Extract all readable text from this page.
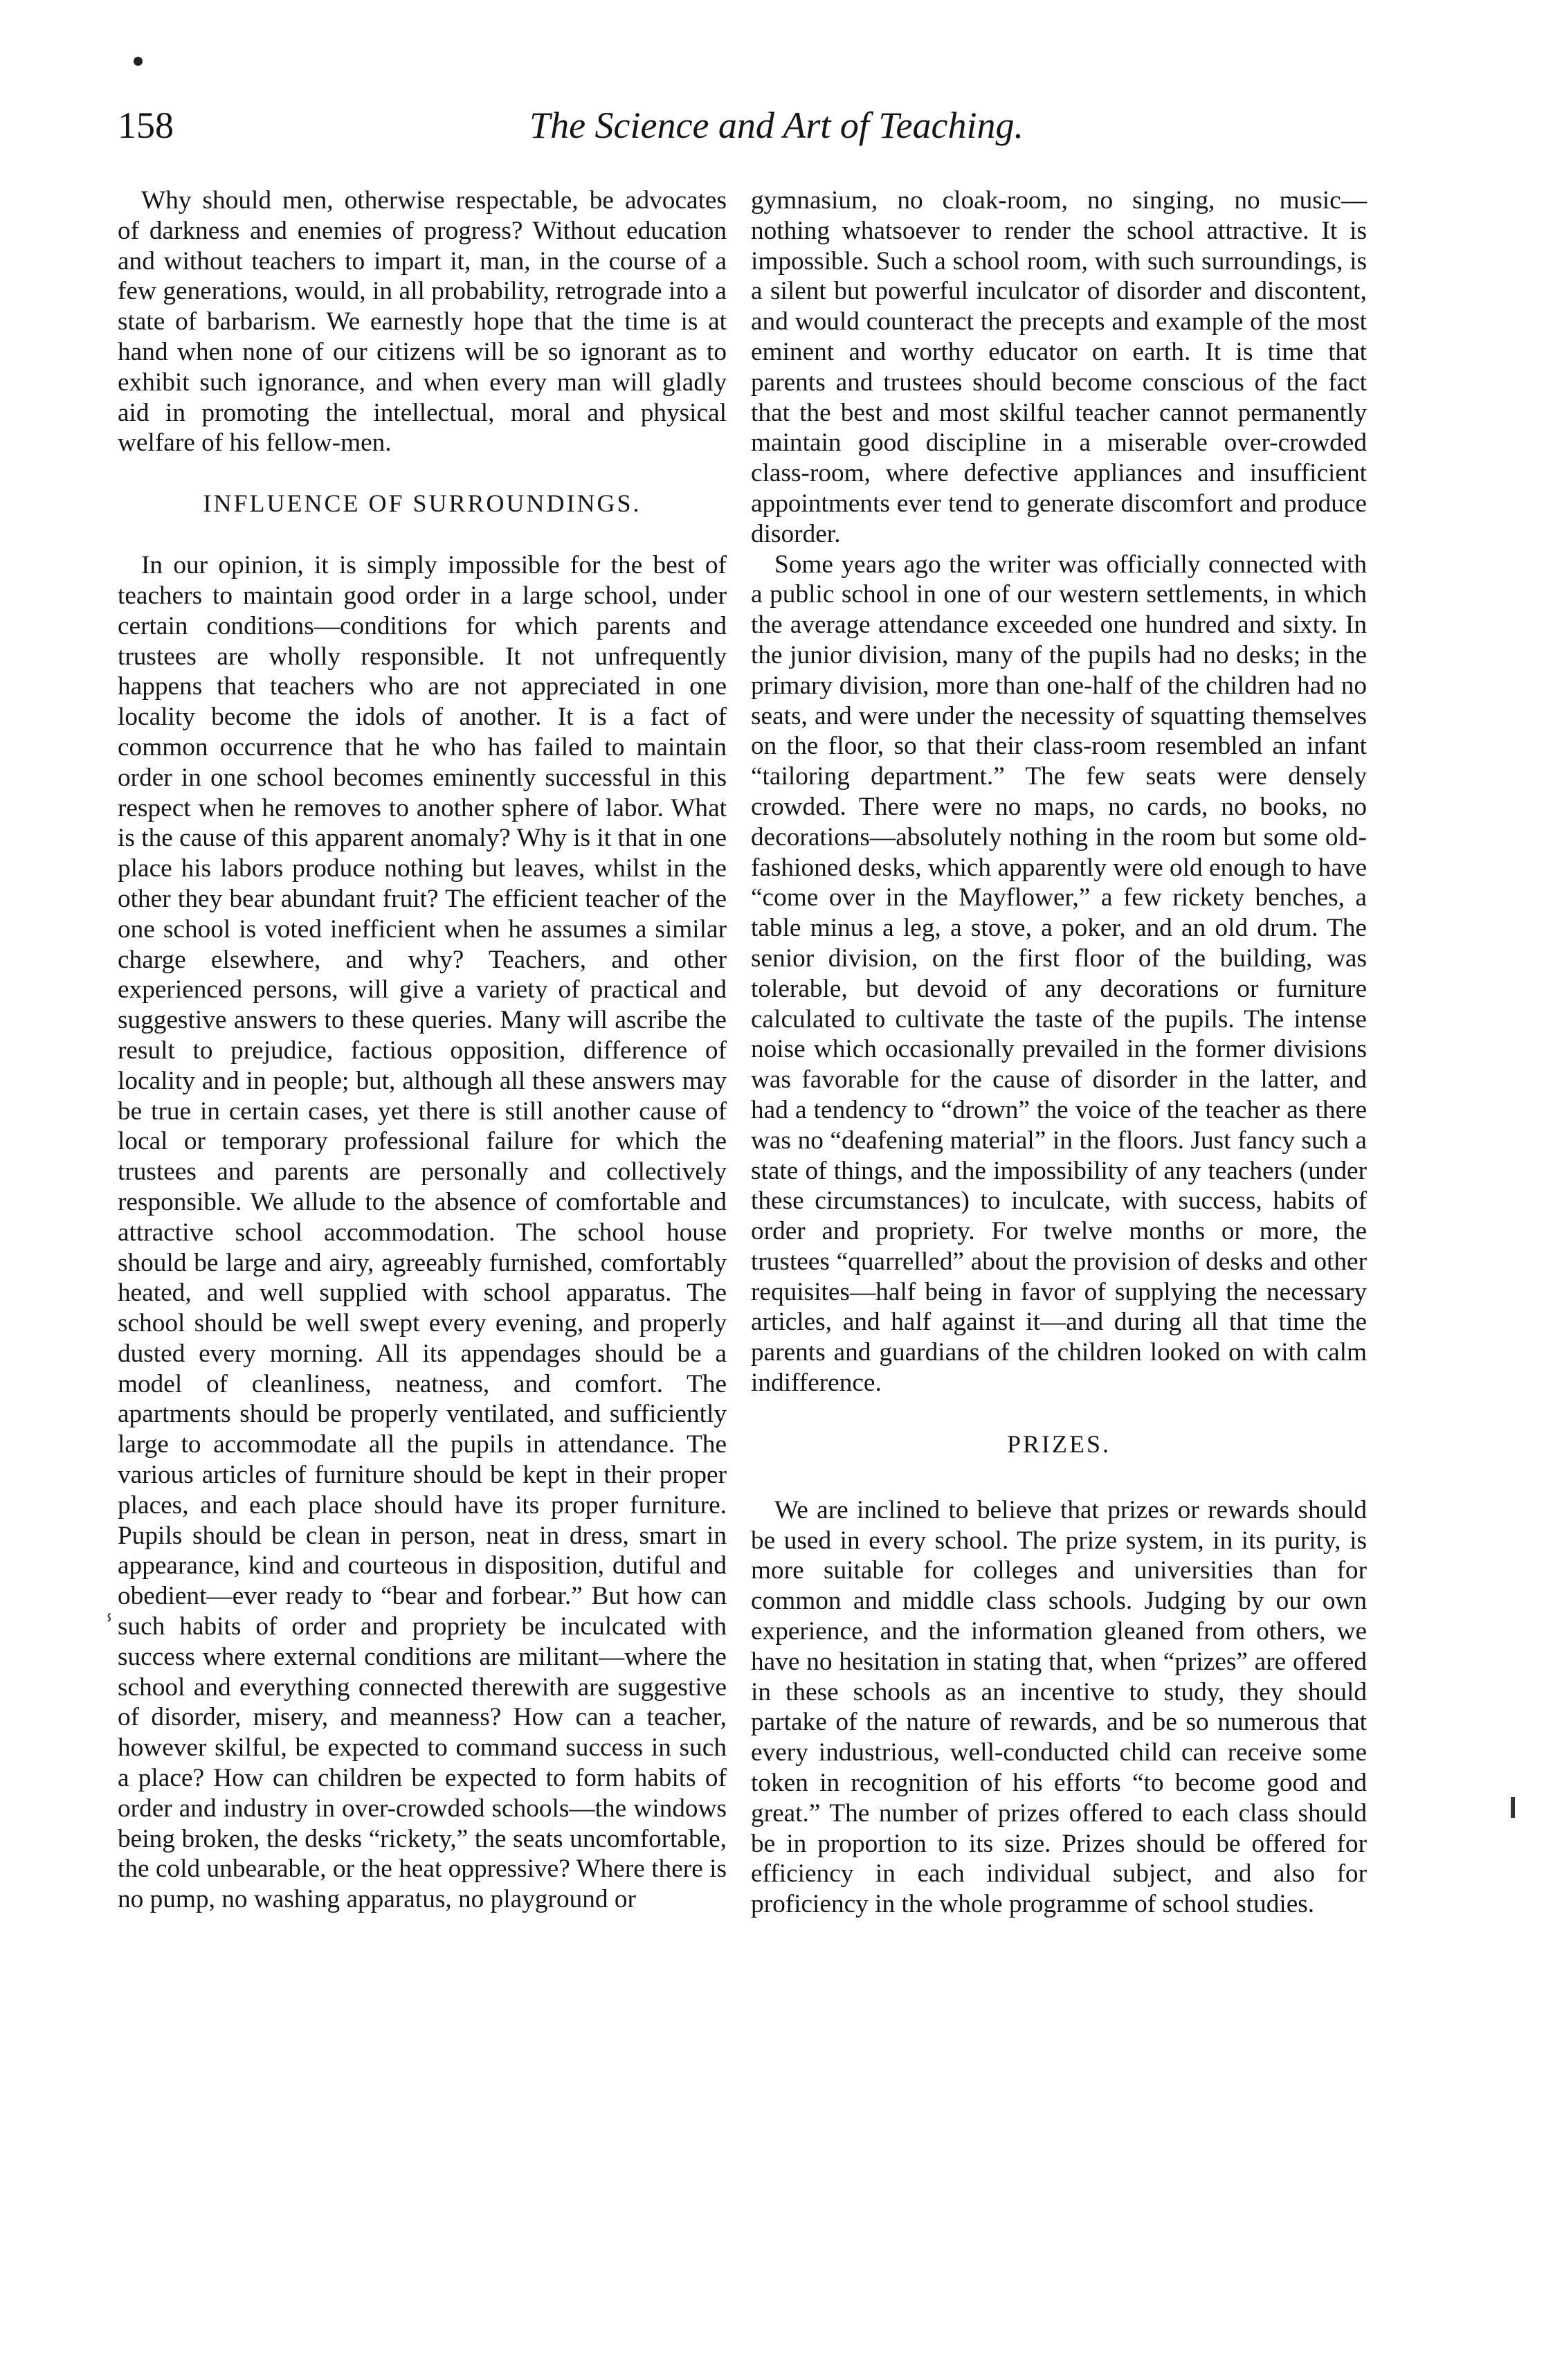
ⸯ
158	The Science and Art of Teaching.

Why should men, otherwise respectable, be advocates of darkness and enemies of progress? Without education and without teachers to impart it, man, in the course of a few generations, would, in all probability, retrograde into a state of barbarism. We earnestly hope that the time is at hand when none of our citizens will be so ignorant as to exhibit such ignorance, and when every man will gladly aid in promoting the intellectual, moral and physical welfare of his fellow-men.

INFLUENCE OF SURROUNDINGS.

In our opinion, it is simply impossible for the best of teachers to maintain good order in a large school, under certain conditions—conditions for which parents and trustees are wholly responsible. It not unfrequently happens that teachers who are not appreciated in one locality become the idols of another. It is a fact of common occurrence that he who has failed to maintain order in one school becomes eminently successful in this respect when he removes to another sphere of labor. What is the cause of this apparent anomaly? Why is it that in one place his labors produce nothing but leaves, whilst in the other they bear abundant fruit? The efficient teacher of the one school is voted inefficient when he assumes a similar charge elsewhere, and why? Teachers, and other experienced persons, will give a variety of practical and suggestive answers to these queries. Many will ascribe the result to prejudice, factious opposition, difference of locality and in people; but, although all these answers may be true in certain cases, yet there is still another cause of local or temporary professional failure for which the trustees and parents are personally and collectively responsible. We allude to the absence of comfortable and attractive school accommodation. The school house should be large and airy, agreeably furnished, comfortably heated, and well supplied with school apparatus. The school should be well swept every evening, and properly dusted every morning. All its appendages should be a model of cleanliness, neatness, and comfort. The apartments should be properly ventilated, and sufficiently large to accommodate all the pupils in attendance. The various articles of furniture should be kept in their proper places, and each place should have its proper furniture. Pupils should be clean in person, neat in dress, smart in appearance, kind and courteous in disposition, dutiful and obedient—ever ready to “bear and forbear.” But how can such habits of order and propriety be inculcated with success where external conditions are militant—where the school and everything connected therewith are suggestive of disorder, misery, and meanness? How can a teacher, however skilful, be expected to command success in such a place? How can children be expected to form habits of order and industry in over-crowded schools—the windows being broken, the desks “rickety,” the seats uncomfortable, the cold unbearable, or the heat oppressive? Where there is no pump, no washing apparatus, no playground or

gymnasium, no cloak-room, no singing, no music—nothing whatsoever to render the school attractive. It is impossible. Such a school room, with such surroundings, is a silent but powerful inculcator of disorder and discontent, and would counteract the precepts and example of the most eminent and worthy educator on earth. It is time that parents and trustees should become conscious of the fact that the best and most skilful teacher cannot permanently maintain good discipline in a miserable over-crowded class-room, where defective appliances and insufficient appointments ever tend to generate discomfort and produce disorder.

Some years ago the writer was officially connected with a public school in one of our western settlements, in which the average attendance exceeded one hundred and sixty. In the junior division, many of the pupils had no desks; in the primary division, more than one-half of the children had no seats, and were under the necessity of squatting themselves on the floor, so that their class-room resembled an infant “tailoring department.” The few seats were densely crowded. There were no maps, no cards, no books, no decorations—absolutely nothing in the room but some old-fashioned desks, which apparently were old enough to have “come over in the Mayflower,” a few rickety benches, a table minus a leg, a stove, a poker, and an old drum. The senior division, on the first floor of the building, was tolerable, but devoid of any decorations or furniture calculated to cultivate the taste of the pupils. The intense noise which occasionally prevailed in the former divisions was favorable for the cause of disorder in the latter, and had a tendency to “drown” the voice of the teacher as there was no “deafening material” in the floors. Just fancy such a state of things, and the impossibility of any teachers (under these circumstances) to inculcate, with success, habits of order and propriety. For twelve months or more, the trustees “quarrelled” about the provision of desks and other requisites—half being in favor of supplying the necessary articles, and half against it—and during all that time the parents and guardians of the children looked on with calm indifference.

PRIZES.

We are inclined to believe that prizes or rewards should be used in every school. The prize system, in its purity, is more suitable for colleges and universities than for common and middle class schools. Judging by our own experience, and the information gleaned from others, we have no hesitation in stating that, when “prizes” are offered in these schools as an incentive to study, they should partake of the nature of rewards, and be so numerous that every industrious, well-conducted child can receive some token in recognition of his efforts “to become good and great.” The number of prizes offered to each class should be in proportion to its size. Prizes should be offered for efficiency in each individual subject, and also for proficiency in the whole programme of school studies.
